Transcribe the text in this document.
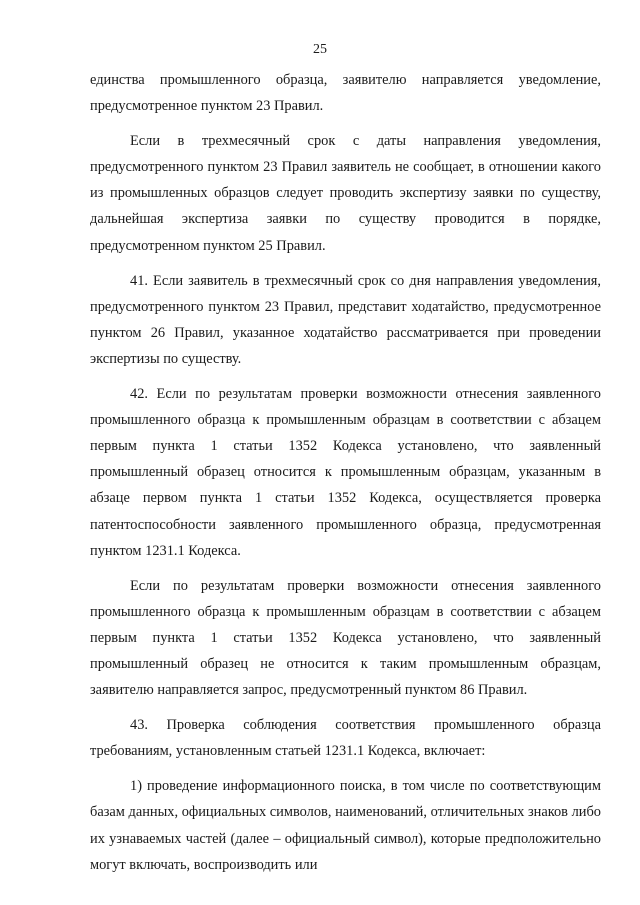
25

единства промышленного образца, заявителю направляется уведомление, предусмотренное пунктом 23 Правил.

Если в трехмесячный срок с даты направления уведомления, предусмотренного пунктом 23 Правил заявитель не сообщает, в отношении какого из промышленных образцов следует проводить экспертизу заявки по существу, дальнейшая экспертиза заявки по существу проводится в порядке, предусмотренном пунктом 25 Правил.

41. Если заявитель в трехмесячный срок со дня направления уведомления, предусмотренного пунктом 23 Правил, представит ходатайство, предусмотренное пунктом 26 Правил, указанное ходатайство рассматривается при проведении экспертизы по существу.

42. Если по результатам проверки возможности отнесения заявленного промышленного образца к промышленным образцам в соответствии с абзацем первым пункта 1 статьи 1352 Кодекса установлено, что заявленный промышленный образец относится к промышленным образцам, указанным в абзаце первом пункта 1 статьи 1352 Кодекса, осуществляется проверка патентоспособности заявленного промышленного образца, предусмотренная пунктом 1231.1 Кодекса.

Если по результатам проверки возможности отнесения заявленного промышленного образца к промышленным образцам в соответствии с абзацем первым пункта 1 статьи 1352 Кодекса установлено, что заявленный промышленный образец не относится к таким промышленным образцам, заявителю направляется запрос, предусмотренный пунктом 86 Правил.

43. Проверка соблюдения соответствия промышленного образца требованиям, установленным статьей 1231.1 Кодекса, включает:

1) проведение информационного поиска, в том числе по соответствующим базам данных, официальных символов, наименований, отличительных знаков либо их узнаваемых частей (далее – официальный символ), которые предположительно могут включать, воспроизводить или
